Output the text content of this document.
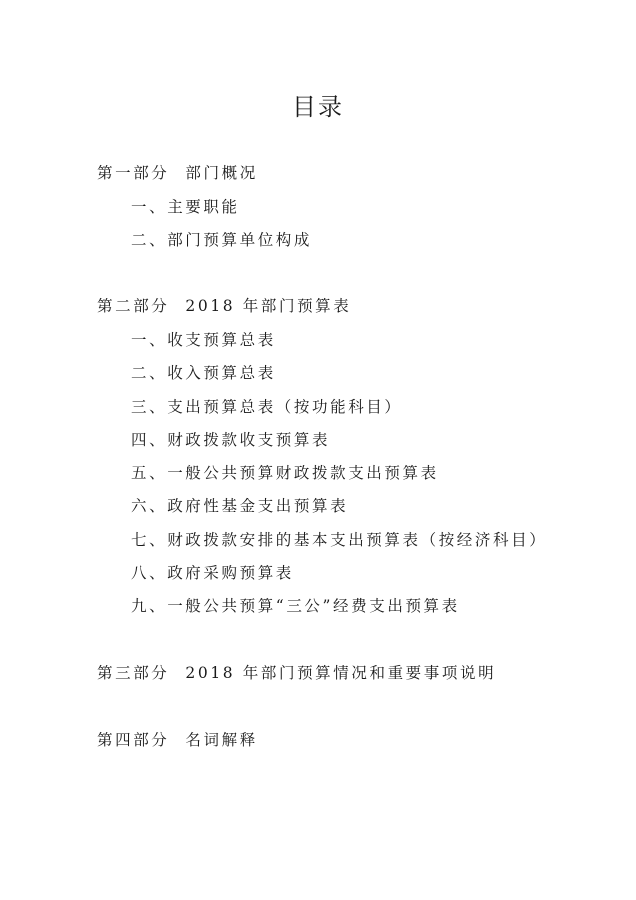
目录
第一部分 部门概况
一、主要职能
二、部门预算单位构成
第二部分 2018 年部门预算表
一、收支预算总表
二、收入预算总表
三、支出预算总表（按功能科目）
四、财政拨款收支预算表
五、一般公共预算财政拨款支出预算表
六、政府性基金支出预算表
七、财政拨款安排的基本支出预算表（按经济科目）
八、政府采购预算表
九、一般公共预算“三公”经费支出预算表
第三部分 2018 年部门预算情况和重要事项说明
第四部分 名词解释
